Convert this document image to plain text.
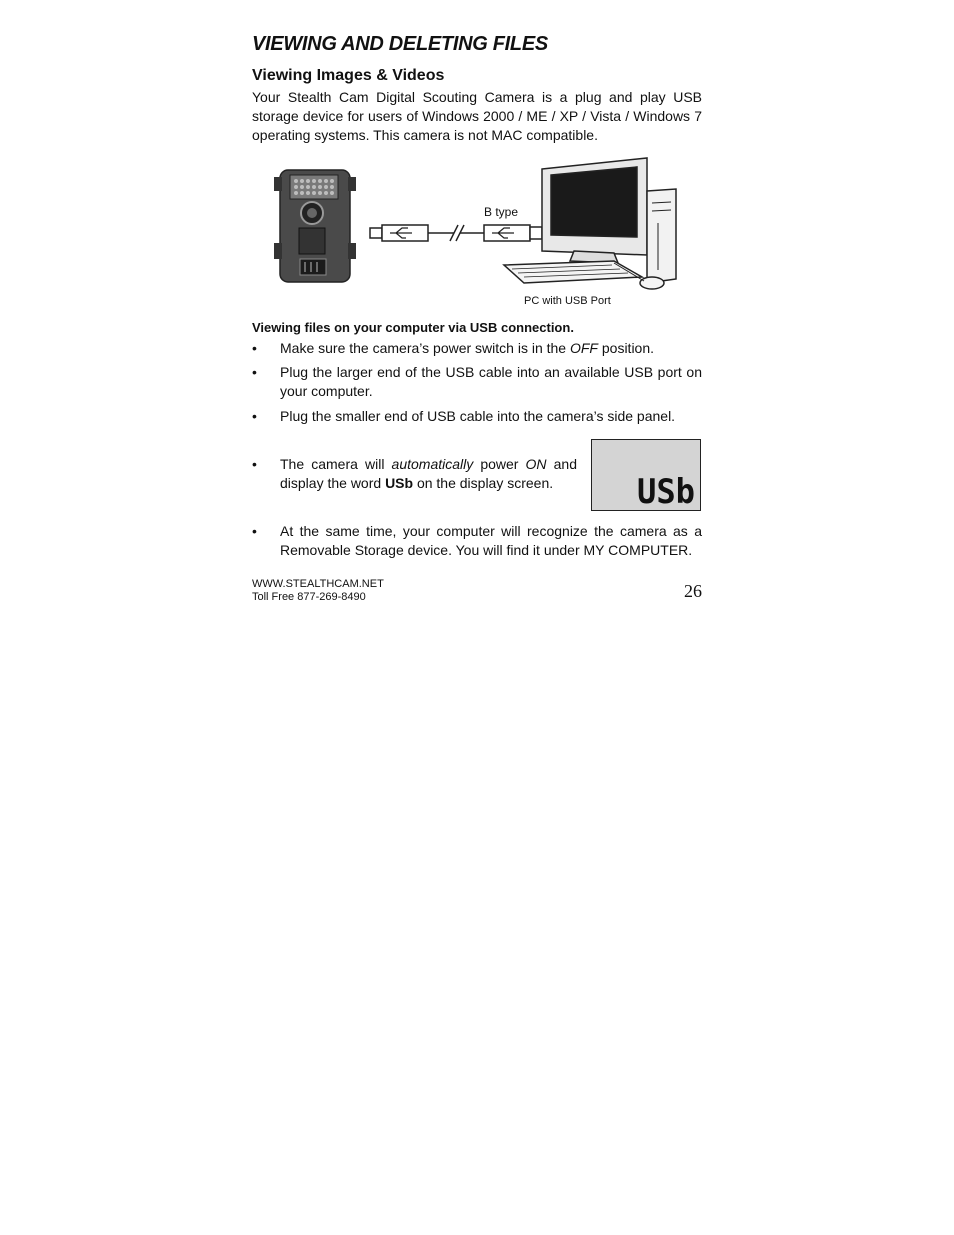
VIEWING AND DELETING FILES
Viewing Images & Videos

Your Stealth Cam Digital Scouting Camera is a plug and play USB storage device for users of Windows 2000 / ME / XP / Vista / Windows 7 operating systems. This camera is not MAC compatible.

B type
PC with USB Port

Viewing files on your computer via USB connection.

•	Make sure the camera’s power switch is in the OFF position.
•	Plug the larger end of the USB cable into an available USB port on your computer.
•	Plug the smaller end of USB cable into the camera’s side panel.
•	The camera will automatically power ON and display the word USb on the display screen.	USb
•	At the same time, your computer will recognize the camera as a Removable Storage device. You will find it under MY COMPUTER.
WWW.STEALTHCAM.NET
Toll Free 877-269-8490	26
